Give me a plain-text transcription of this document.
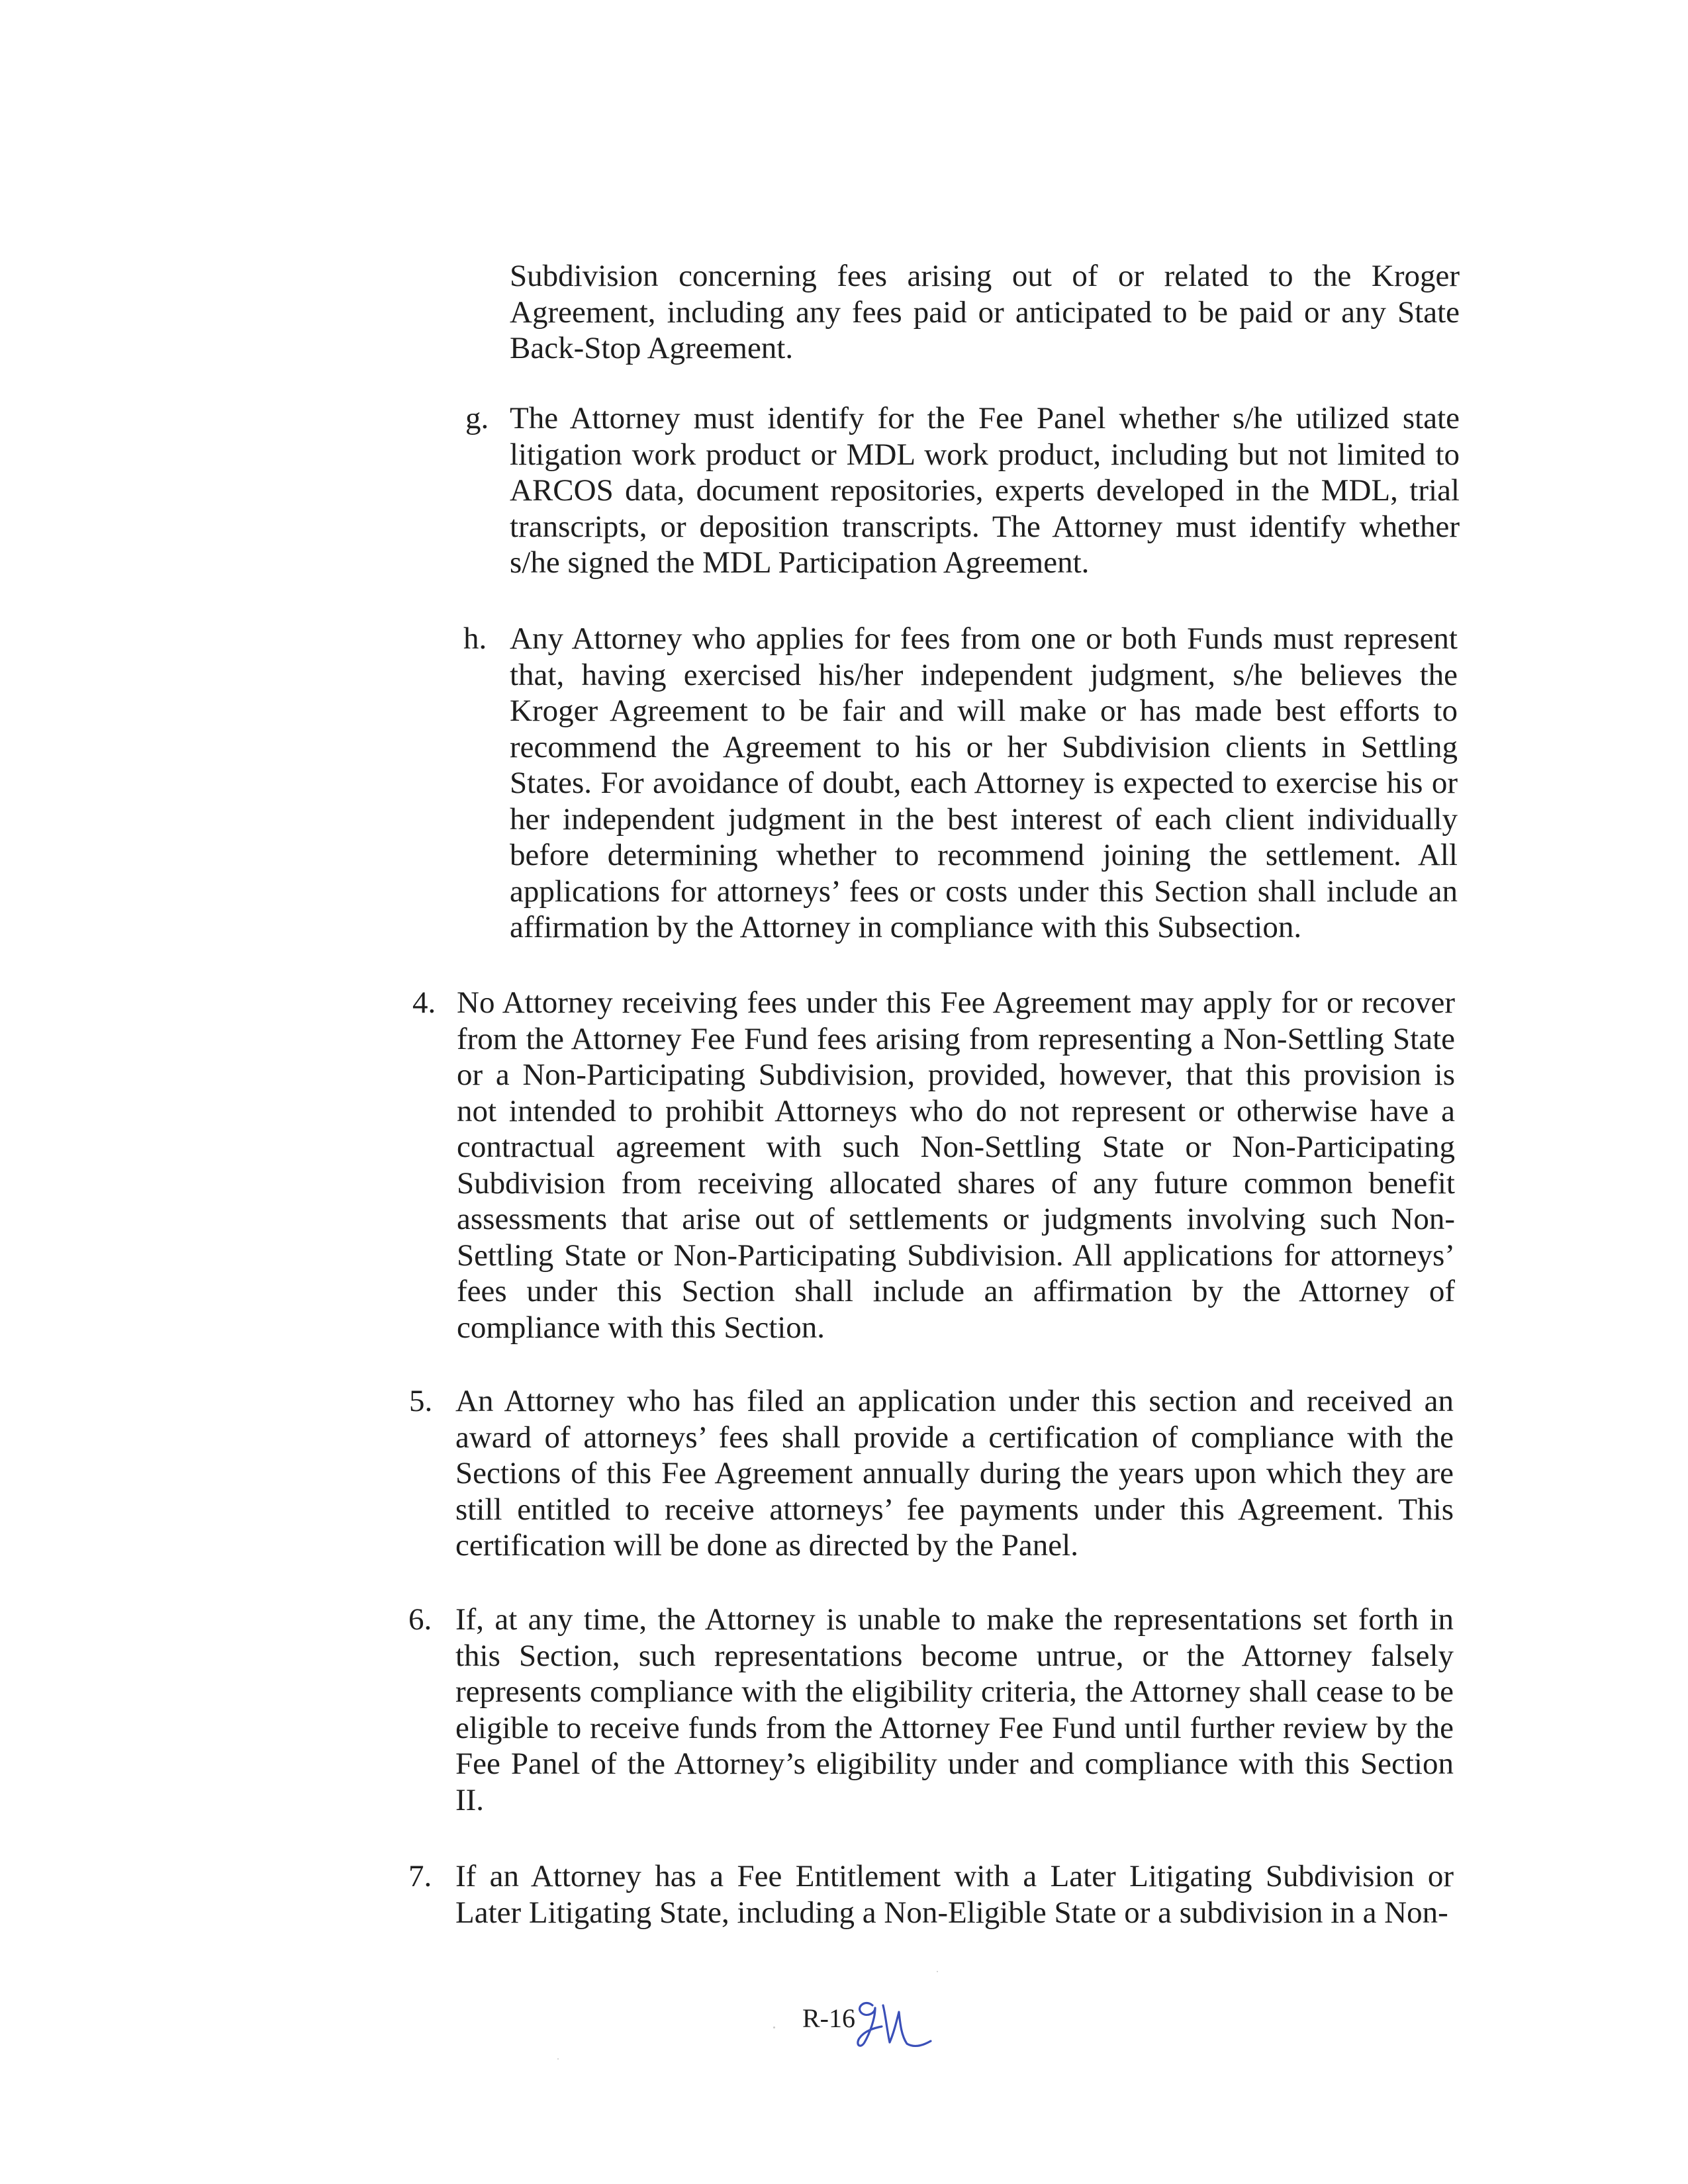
Subdivision concerning fees arising out of or related to the Kroger Agreement, including any fees paid or anticipated to be paid or any State Back-Stop Agreement.

g. The Attorney must identify for the Fee Panel whether s/he utilized state litigation work product or MDL work product, including but not limited to ARCOS data, document repositories, experts developed in the MDL, trial transcripts, or deposition transcripts. The Attorney must identify whether s/he signed the MDL Participation Agreement.

h. Any Attorney who applies for fees from one or both Funds must represent that, having exercised his/her independent judgment, s/he believes the Kroger Agreement to be fair and will make or has made best efforts to recommend the Agreement to his or her Subdivision clients in Settling States. For avoidance of doubt, each Attorney is expected to exercise his or her independent judgment in the best interest of each client individually before determining whether to recommend joining the settlement. All applications for attorneys’ fees or costs under this Section shall include an affirmation by the Attorney in compliance with this Subsection.

4. No Attorney receiving fees under this Fee Agreement may apply for or recover from the Attorney Fee Fund fees arising from representing a Non-Settling State or a Non-Participating Subdivision, provided, however, that this provision is not intended to prohibit Attorneys who do not represent or otherwise have a contractual agreement with such Non-Settling State or Non-Participating Subdivision from receiving allocated shares of any future common benefit assessments that arise out of settlements or judgments involving such Non-Settling State or Non-Participating Subdivision. All applications for attorneys’ fees under this Section shall include an affirmation by the Attorney of compliance with this Section.

5. An Attorney who has filed an application under this section and received an award of attorneys’ fees shall provide a certification of compliance with the Sections of this Fee Agreement annually during the years upon which they are still entitled to receive attorneys’ fee payments under this Agreement. This certification will be done as directed by the Panel.

6. If, at any time, the Attorney is unable to make the representations set forth in this Section, such representations become untrue, or the Attorney falsely represents compliance with the eligibility criteria, the Attorney shall cease to be eligible to receive funds from the Attorney Fee Fund until further review by the Fee Panel of the Attorney’s eligibility under and compliance with this Section II.

7. If an Attorney has a Fee Entitlement with a Later Litigating Subdivision or Later Litigating State, including a Non-Eligible State or a subdivision in a Non-

R-16
